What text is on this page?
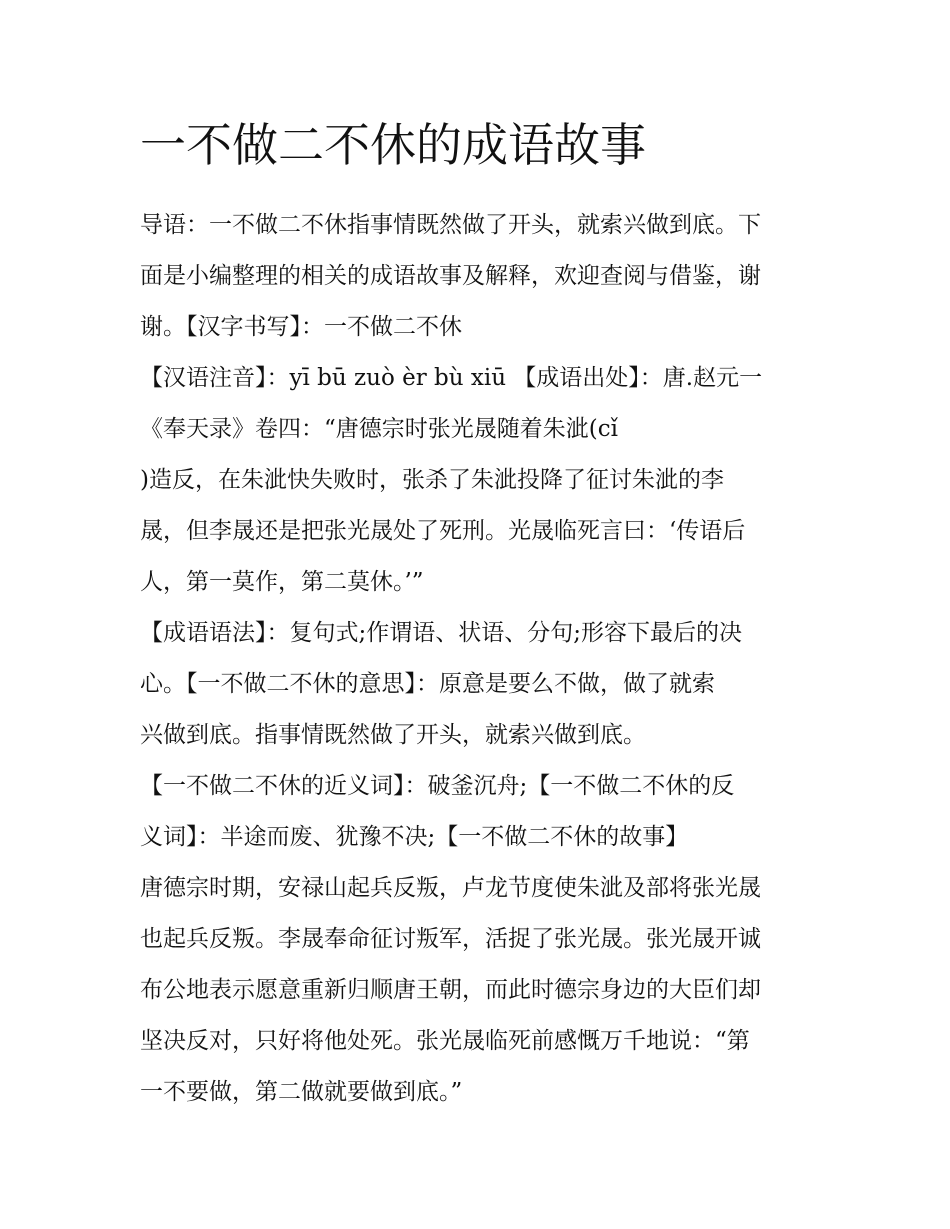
一不做二不休的成语故事
导语：一不做二不休指事情既然做了开头，就索兴做到底。下
面是小编整理的相关的成语故事及解释，欢迎查阅与借鉴，谢
谢。【汉字书写】：一不做二不休
【汉语注音】：yī bū zuò èr bù xiū 【成语出处】：唐.赵元一
《奉天录》卷四：“唐德宗时张光晟随着朱泚(cǐ
)造反，在朱泚快失败时，张杀了朱泚投降了征讨朱泚的李
晟，但李晟还是把张光晟处了死刑。光晟临死言曰：‘传语后
人，第一莫作，第二莫休。’”
【成语语法】：复句式;作谓语、状语、分句;形容下最后的决
心。【一不做二不休的意思】：原意是要么不做，做了就索
兴做到底。指事情既然做了开头，就索兴做到底。
【一不做二不休的近义词】：破釜沉舟;【一不做二不休的反
义词】：半途而废、犹豫不决;【一不做二不休的故事】
唐德宗时期，安禄山起兵反叛，卢龙节度使朱泚及部将张光晟
也起兵反叛。李晟奉命征讨叛军，活捉了张光晟。张光晟开诚
布公地表示愿意重新归顺唐王朝，而此时德宗身边的大臣们却
坚决反对，只好将他处死。张光晟临死前感慨万千地说：“第
一不要做，第二做就要做到底。”
